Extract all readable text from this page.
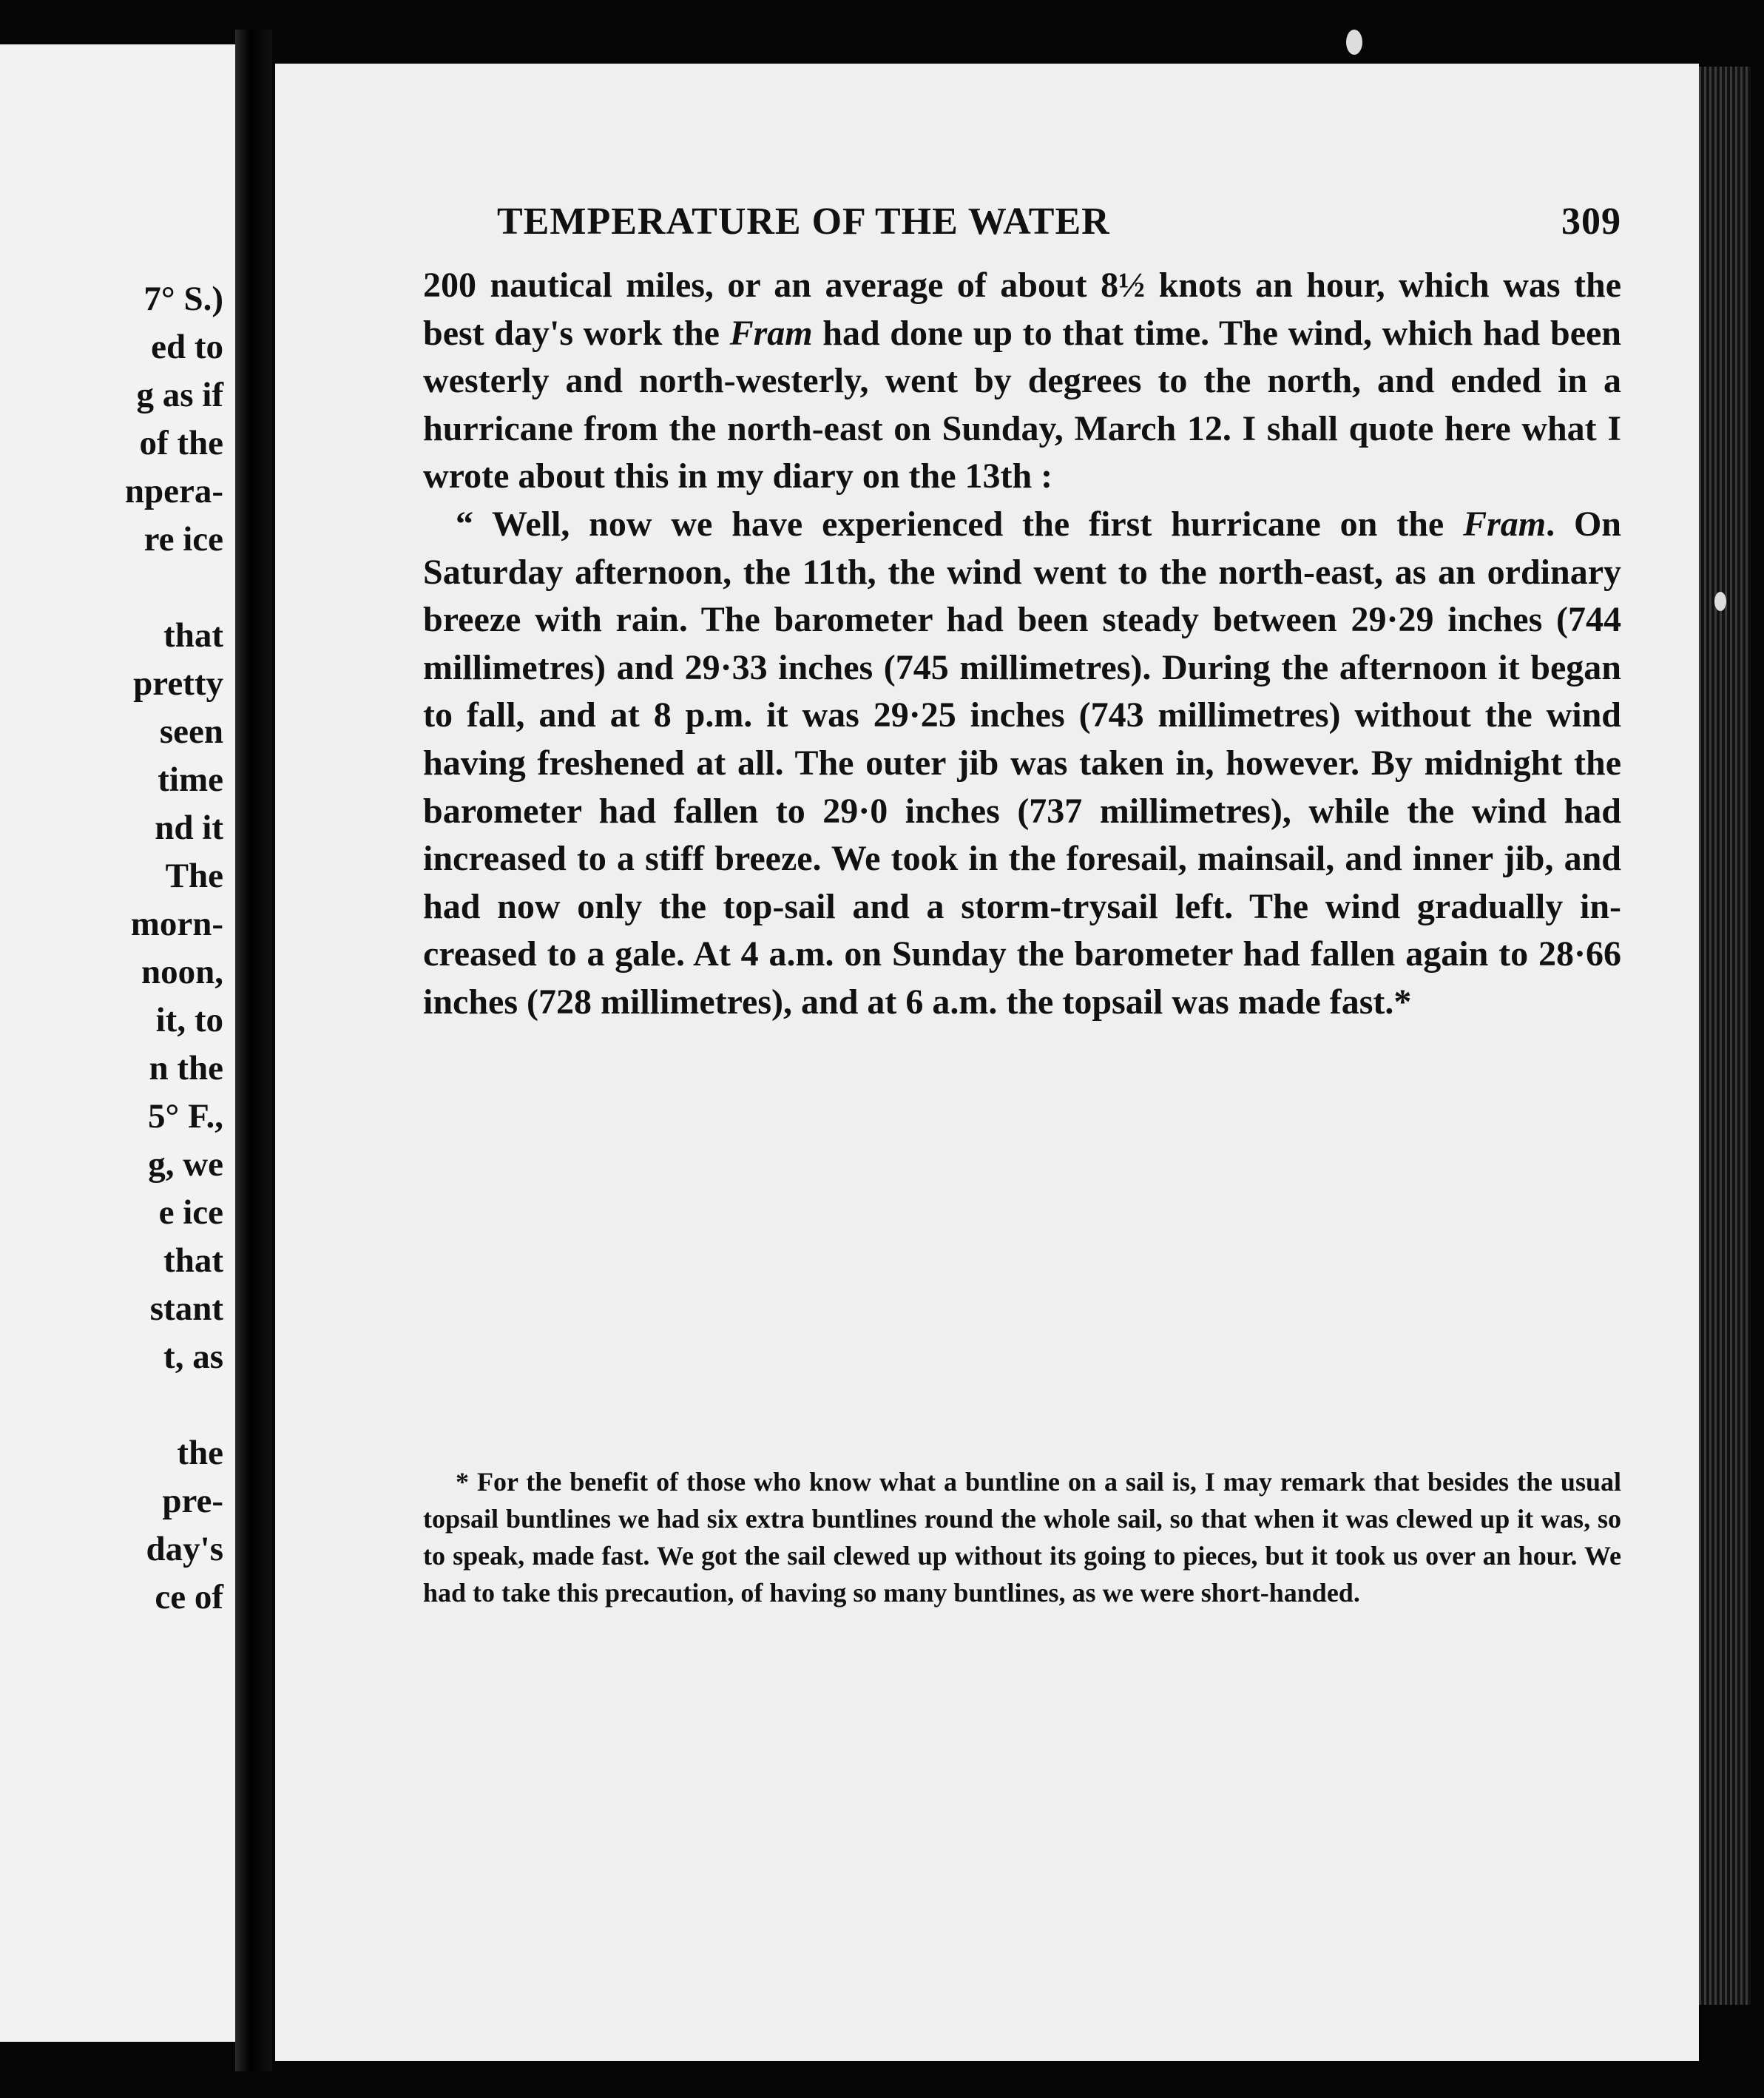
7° S.)
ed to
g as if
of the
npera-
re ice
that
pretty
seen
time
nd it
The
morn-
noon,
it, to
n the
5° F.,
g, we
e ice
that
stant
t, as
the
pre-
day's
ce of
TEMPERATURE OF THE WATER	309

200 nautical miles, or an average of about 8½ knots an hour, which was the best day's work the Fram had done up to that time. The wind, which had been westerly and north-westerly, went by degrees to the north, and ended in a hurricane from the north-east on Sunday, March 12. I shall quote here what I wrote about this in my diary on the 13th :

“ Well, now we have experienced the first hurricane on the Fram. On Saturday afternoon, the 11th, the wind went to the north-east, as an ordinary breeze with rain. The barometer had been steady between 29·29 inches (744 millimetres) and 29·33 inches (745 millimetres). During the afternoon it began to fall, and at 8 p.m. it was 29·25 inches (743 millimetres) without the wind having freshened at all. The outer jib was taken in, however. By midnight the barometer had fallen to 29·0 inches (737 millimetres), while the wind had increased to a stiff breeze. We took in the foresail, mainsail, and inner jib, and had now only the top-sail and a storm-trysail left. The wind gradually in-creased to a gale. At 4 a.m. on Sunday the barometer had fallen again to 28·66 inches (728 millimetres), and at 6 a.m. the topsail was made fast.*

* For the benefit of those who know what a buntline on a sail is, I may remark that besides the usual topsail buntlines we had six extra buntlines round the whole sail, so that when it was clewed up it was, so to speak, made fast. We got the sail clewed up without its going to pieces, but it took us over an hour. We had to take this precaution, of having so many buntlines, as we were short-handed.
